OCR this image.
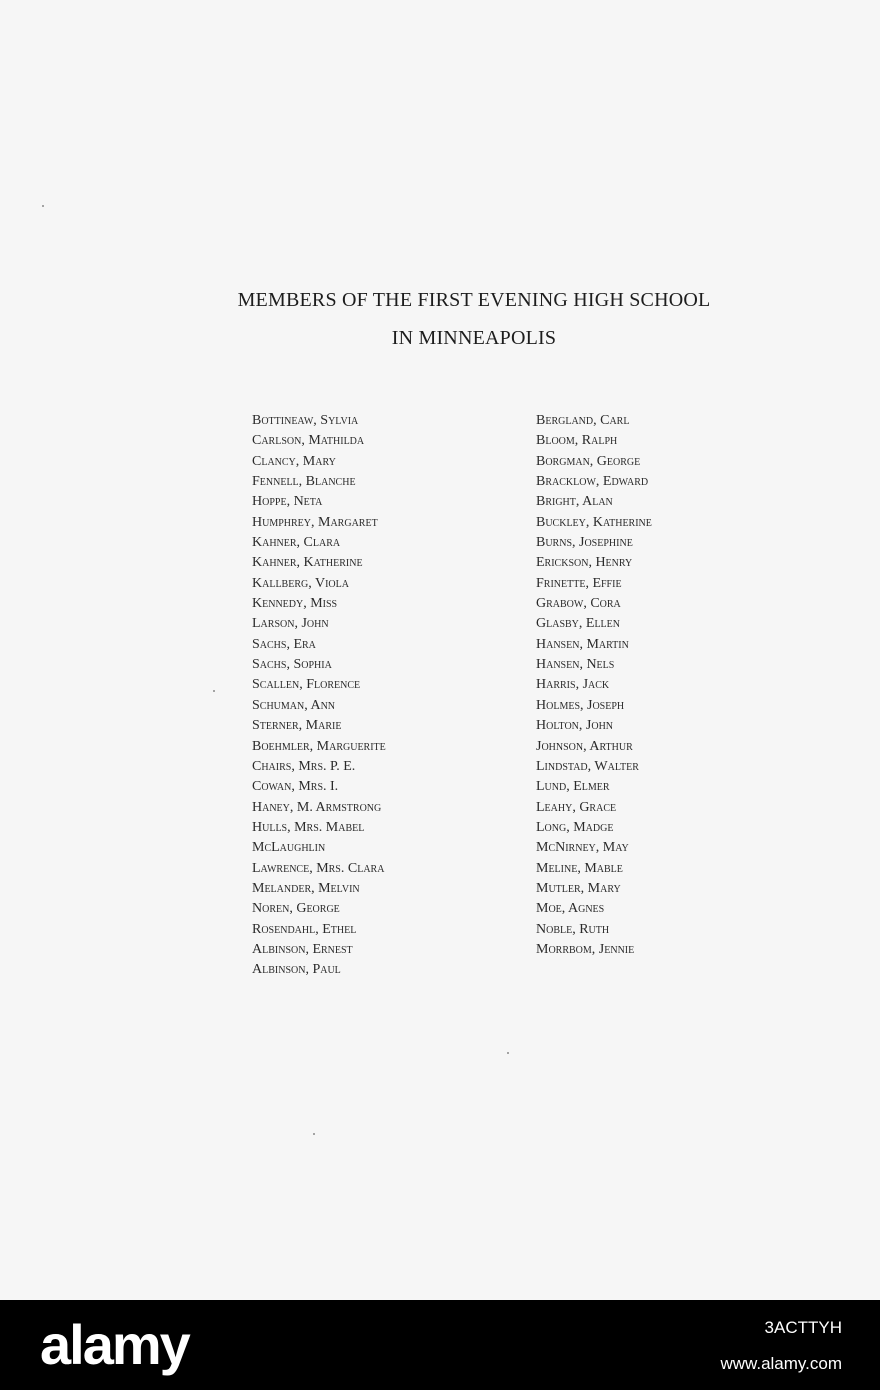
MEMBERS OF THE FIRST EVENING HIGH SCHOOL
IN MINNEAPOLIS
Bottineaw, Sylvia
Carlson, Mathilda
Clancy, Mary
Fennell, Blanche
Hoppe, Neta
Humphrey, Margaret
Kahner, Clara
Kahner, Katherine
Kallberg, Viola
Kennedy, Miss
Larson, John
Sachs, Era
Sachs, Sophia
Scallen, Florence
Schuman, Ann
Sterner, Marie
Boehmler, Marguerite
Chairs, Mrs. P. E.
Cowan, Mrs. I.
Haney, M. Armstrong
Hulls, Mrs. Mabel
McLaughlin
Lawrence, Mrs. Clara
Melander, Melvin
Noren, George
Rosendahl, Ethel
Albinson, Ernest
Albinson, Paul
Bergland, Carl
Bloom, Ralph
Borgman, George
Bracklow, Edward
Bright, Alan
Buckley, Katherine
Burns, Josephine
Erickson, Henry
Frinette, Effie
Grabow, Cora
Glasby, Ellen
Hansen, Martin
Hansen, Nels
Harris, Jack
Holmes, Joseph
Holton, John
Johnson, Arthur
Lindstad, Walter
Lund, Elmer
Leahy, Grace
Long, Madge
McNirney, May
Meline, Mable
Mutler, Mary
Moe, Agnes
Noble, Ruth
Morrbom, Jennie
alamy	3ACTTYH
www.alamy.com
